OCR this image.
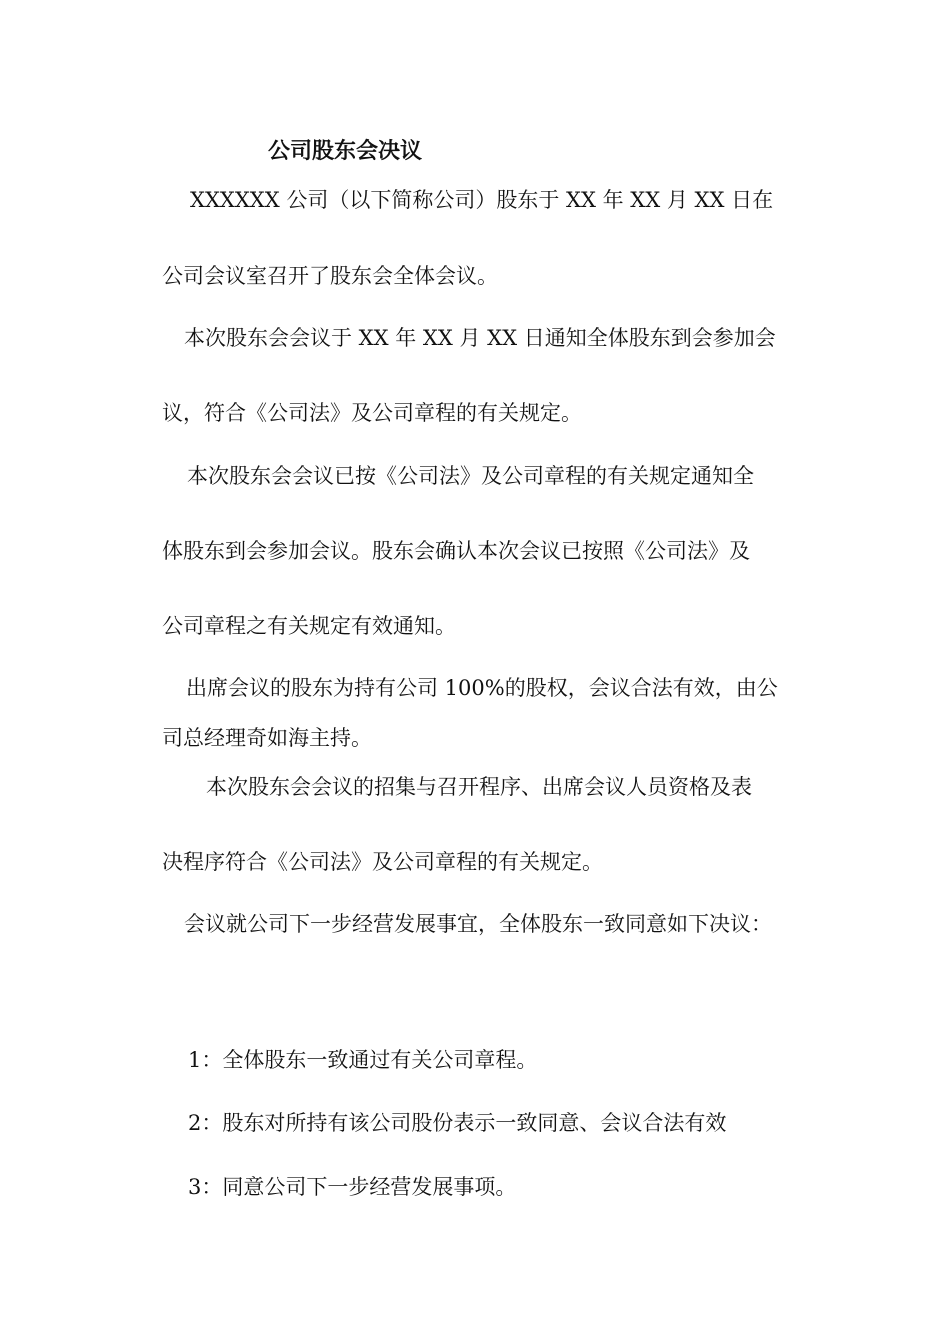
公司股东会决议
XXXXXX 公司（以下简称公司）股东于 XX 年 XX 月 XX 日在
公司会议室召开了股东会全体会议。
本次股东会会议于 XX 年 XX 月 XX 日通知全体股东到会参加会
议，符合《公司法》及公司章程的有关规定。
本次股东会会议已按《公司法》及公司章程的有关规定通知全
体股东到会参加会议。股东会确认本次会议已按照《公司法》及
公司章程之有关规定有效通知。
出席会议的股东为持有公司 100%的股权，会议合法有效，由公
司总经理奇如海主持。
本次股东会会议的招集与召开程序、出席会议人员资格及表
决程序符合《公司法》及公司章程的有关规定。
会议就公司下一步经营发展事宜，全体股东一致同意如下决议：
1：全体股东一致通过有关公司章程。
2：股东对所持有该公司股份表示一致同意、会议合法有效
3：同意公司下一步经营发展事项。
